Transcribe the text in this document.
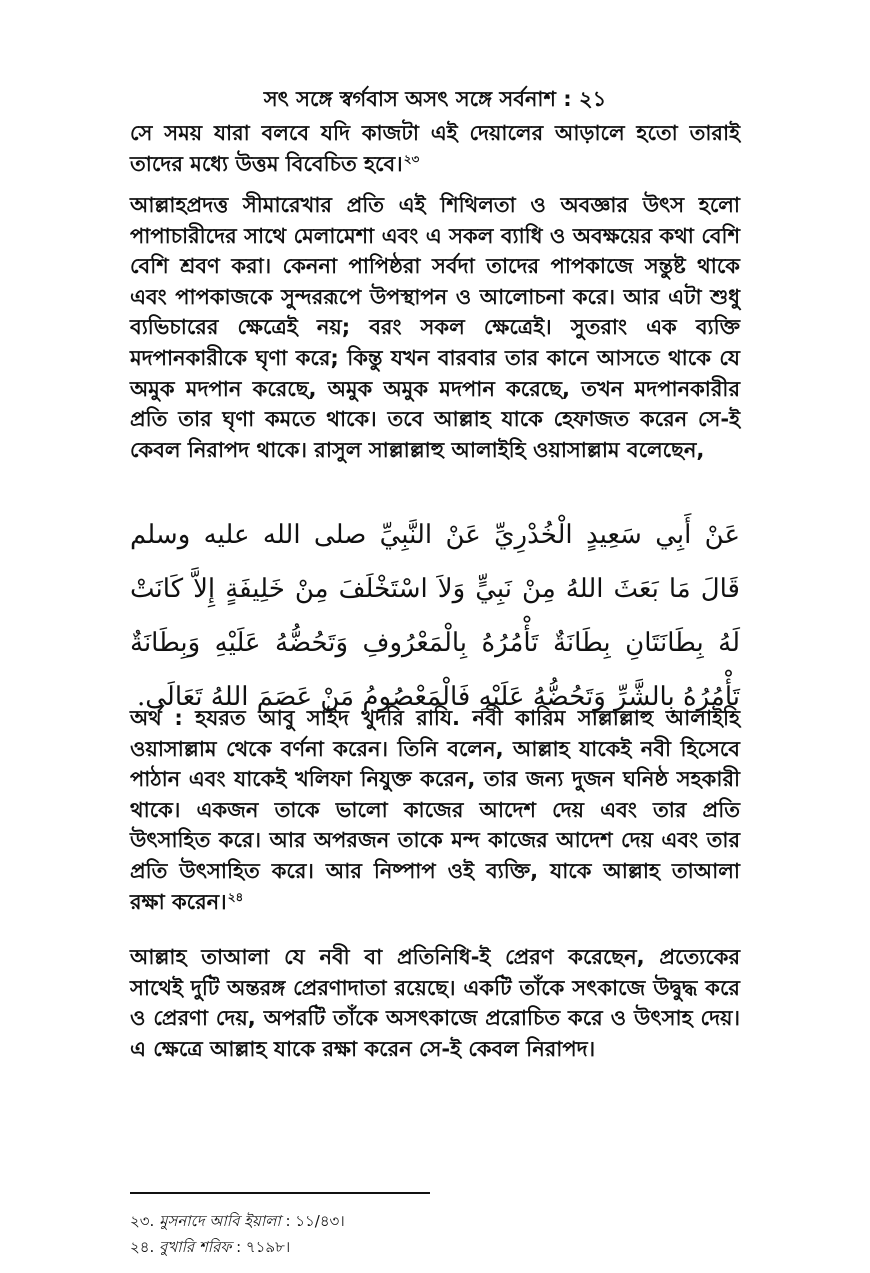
সৎ সঙ্গে স্বর্গবাস অসৎ সঙ্গে সর্বনাশ : ২১

সে সময় যারা বলবে যদি কাজটা এই দেয়ালের আড়ালে হতো তারাই তাদের মধ্যে উত্তম বিবেচিত হবে।$^{২৩}$

আল্লাহপ্রদত্ত সীমারেখার প্রতি এই শিথিলতা ও অবজ্ঞার উৎস হলো পাপাচারীদের সাথে মেলামেশা এবং এ সকল ব্যাধি ও অবক্ষয়ের কথা বেশি বেশি শ্রবণ করা। কেননা পাপিষ্ঠরা সর্বদা তাদের পাপকাজে সন্তুষ্ট থাকে এবং পাপকাজকে সুন্দররূপে উপস্থাপন ও আলোচনা করে। আর এটা শুধু ব্যভিচারের ক্ষেত্রেই নয়; বরং সকল ক্ষেত্রেই। সুতরাং এক ব্যক্তি মদপানকারীকে ঘৃণা করে; কিন্তু যখন বারবার তার কানে আসতে থাকে যে অমুক মদপান করেছে, অমুক অমুক মদপান করেছে, তখন মদপানকারীর প্রতি তার ঘৃণা কমতে থাকে। তবে আল্লাহ যাকে হেফাজত করেন সে-ই কেবল নিরাপদ থাকে। রাসুল সাল্লাল্লাহু আলাইহি ওয়াসাল্লাম বলেছেন,

عَنْ أَبِي سَعِيدٍ الْخُدْرِيِّ عَنْ النَّبِيِّ صلى الله عليه وسلم قَالَ مَا بَعَثَ اللهُ مِنْ نَبِيٍّ وَلاَ اسْتَخْلَفَ مِنْ خَلِيفَةٍ إِلاَّ كَانَتْ لَهُ بِطَانَتَانِ بِطَانَةٌ تَأْمُرُهُ بِالْمَعْرُوفِ وَتَحُضُّهُ عَلَيْهِ وَبِطَانَةٌ تَأْمُرُهُ بِالشَّرِّ وَتَحُضُّهُ عَلَيْهِ فَالْمَعْصُومُ مَنْ عَصَمَ اللهُ تَعَالَى.

অর্থ : হযরত আবু সাইদ খুদরি রাযি. নবী কারিম সাল্লাল্লাহু আলাইহি ওয়াসাল্লাম থেকে বর্ণনা করেন। তিনি বলেন, আল্লাহ যাকেই নবী হিসেবে পাঠান এবং যাকেই খলিফা নিযুক্ত করেন, তার জন্য দুজন ঘনিষ্ঠ সহকারী থাকে। একজন তাকে ভালো কাজের আদেশ দেয় এবং তার প্রতি উৎসাহিত করে। আর অপরজন তাকে মন্দ কাজের আদেশ দেয় এবং তার প্রতি উৎসাহিত করে। আর নিষ্পাপ ওই ব্যক্তি, যাকে আল্লাহ তাআলা রক্ষা করেন।$^{২৪}$

আল্লাহ তাআলা যে নবী বা প্রতিনিধি-ই প্রেরণ করেছেন, প্রত্যেকের সাথেই দুটি অন্তরঙ্গ প্রেরণাদাতা রয়েছে। একটি তাঁকে সৎকাজে উদ্বুদ্ধ করে ও প্রেরণা দেয়, অপরটি তাঁকে অসৎকাজে প্ররোচিত করে ও উৎসাহ দেয়। এ ক্ষেত্রে আল্লাহ যাকে রক্ষা করেন সে-ই কেবল নিরাপদ।

২৩. মুসনাদে আবি ইয়ালা : ১১/৪৩।
২৪. বুখারি শরিফ : ৭১৯৮।
